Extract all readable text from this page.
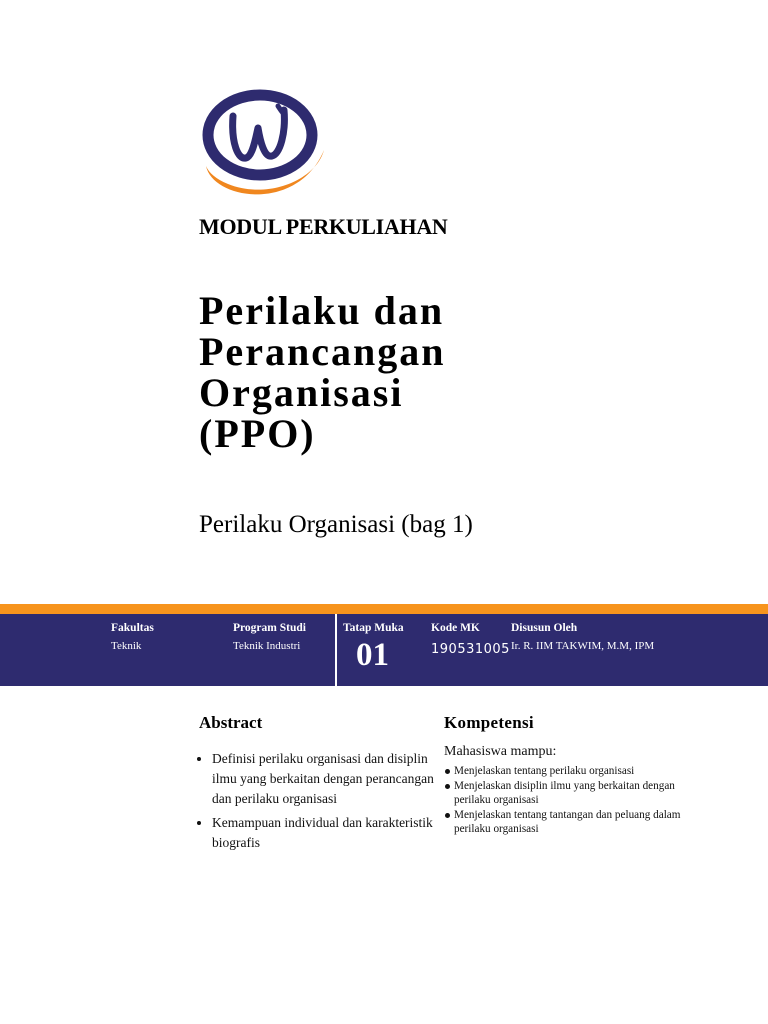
MODUL PERKULIAHAN
Perilaku dan
Perancangan
Organisasi
(PPO)
Perilaku Organisasi (bag 1)
Fakultas
Teknik
Program Studi
Teknik Industri
Tatap Muka
01
Kode MK
190531005
Disusun Oleh
Ir. R. IIM TAKWIM, M.M, IPM
Abstract
• Definisi perilaku organisasi dan disiplin ilmu yang berkaitan dengan perancangan dan perilaku organisasi
• Kemampuan individual dan karakteristik biografis
Kompetensi
Mahasiswa mampu:
Menjelaskan tentang perilaku organisasi
Menjelaskan disiplin ilmu yang berkaitan dengan perilaku organisasi
Menjelaskan tentang tantangan dan peluang dalam perilaku organisasi
